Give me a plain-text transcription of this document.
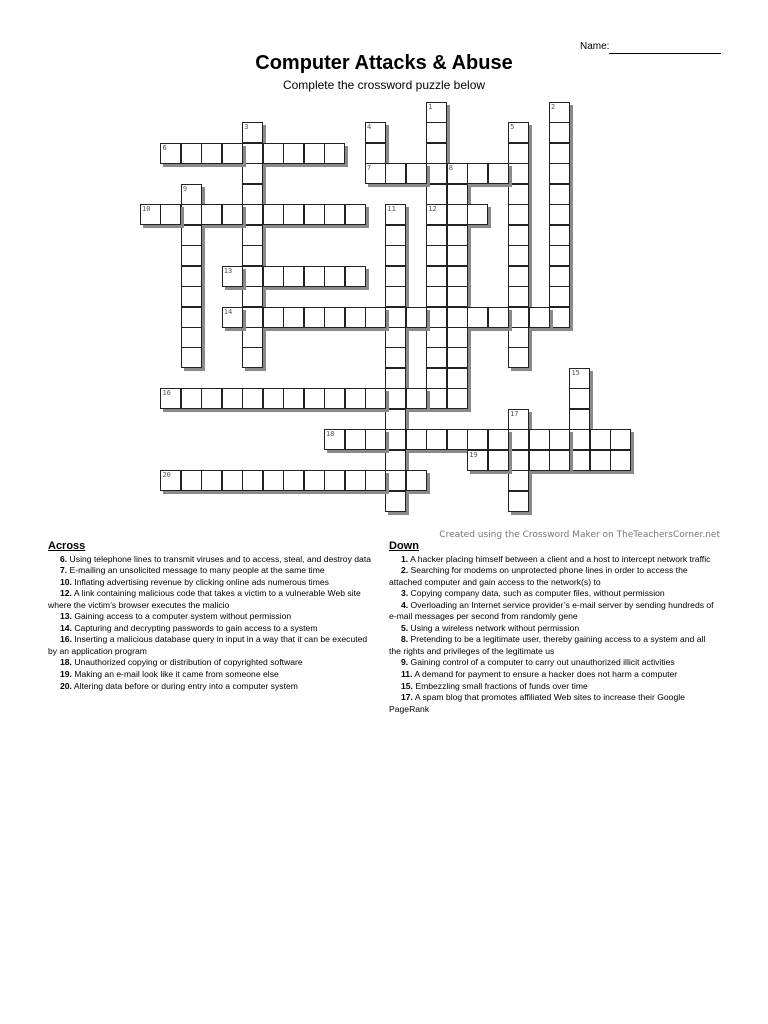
Name:
Computer Attacks & Abuse
Complete the crossword puzzle below
1
12
2
3	4
7
5
6
8
9
10	11
13
14
15
16
17
18
19
20
Created using the Crossword Maker on TheTeachersCorner.net
Across
6. Using telephone lines to transmit viruses and to access, steal, and destroy data
7. E-mailing an unsolicited message to many people at the same time
10. Inflating advertising revenue by clicking online ads numerous times
12. A link containing malicious code that takes a victim to a vulnerable Web site where the victim’s browser executes the malicio
13. Gaining access to a computer system without permission
14. Capturing and decrypting passwords to gain access to a system
16. Inserting a malicious database query in input in a way that it can be executed by an application program
18. Unauthorized copying or distribution of copyrighted software
19. Making an e-mail look like it came from someone else
20. Altering data before or during entry into a computer system
Down
1. A hacker placing himself between a client and a host to intercept network traffic
2. Searching for modems on unprotected phone lines in order to access the attached computer and gain access to the network(s) to
3. Copying company data, such as computer files, without permission
4. Overloading an Internet service provider’s e-mail server by sending hundreds of e-mail messages per second from randomly gene
5. Using a wireless network without permission
8. Pretending to be a legitimate user, thereby gaining access to a system and all the rights and privileges of the legitimate us
9. Gaining control of a computer to carry out unauthorized illicit activities
11. A demand for payment to ensure a hacker does not harm a computer
15. Embezzling small fractions of funds over time
17. A spam blog that promotes affiliated Web sites to increase their Google PageRank
